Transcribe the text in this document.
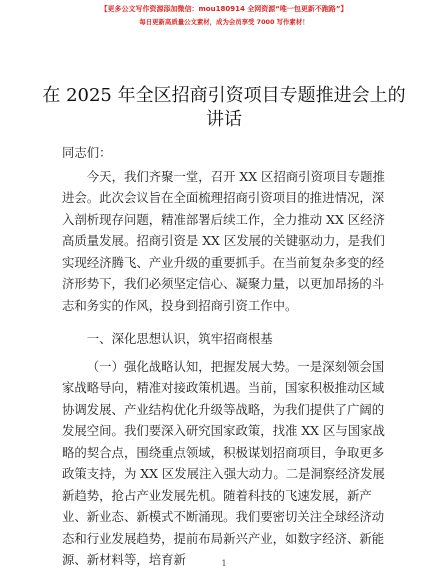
【更多公文写作资源添加微信：mou180914 全网资源“唯一包更新不跑路”】
每日更新高质量公文素材，成为会员享受 7000 写作素材！
在 2025 年全区招商引资项目专题推进会上的讲话

同志们：

今天，我们齐聚一堂，召开 XX 区招商引资项目专题推进会。此次会议旨在全面梳理招商引资项目的推进情况，深入剖析现存问题，精准部署后续工作，全力推动 XX 区经济高质量发展。招商引资是 XX 区发展的关键驱动力，是我们实现经济腾飞、产业升级的重要抓手。在当前复杂多变的经济形势下，我们必须坚定信心、凝聚力量，以更加昂扬的斗志和务实的作风，投身到招商引资工作中。

一、深化思想认识，筑牢招商根基

（一）强化战略认知，把握发展大势。一是深刻领会国家战略导向，精准对接政策机遇。当前，国家积极推动区域协调发展、产业结构优化升级等战略，为我们提供了广阔的发展空间。我们要深入研究国家政策，找准 XX 区与国家战略的契合点，围绕重点领域，积极谋划招商项目，争取更多政策支持，为 XX 区发展注入强大动力。二是洞察经济发展新趋势，抢占产业发展先机。随着科技的飞速发展，新产业、新业态、新模式不断涌现。我们要密切关注全球经济动态和行业发展趋势，提前布局新兴产业，如数字经济、新能源、新材料等，培育新	1
